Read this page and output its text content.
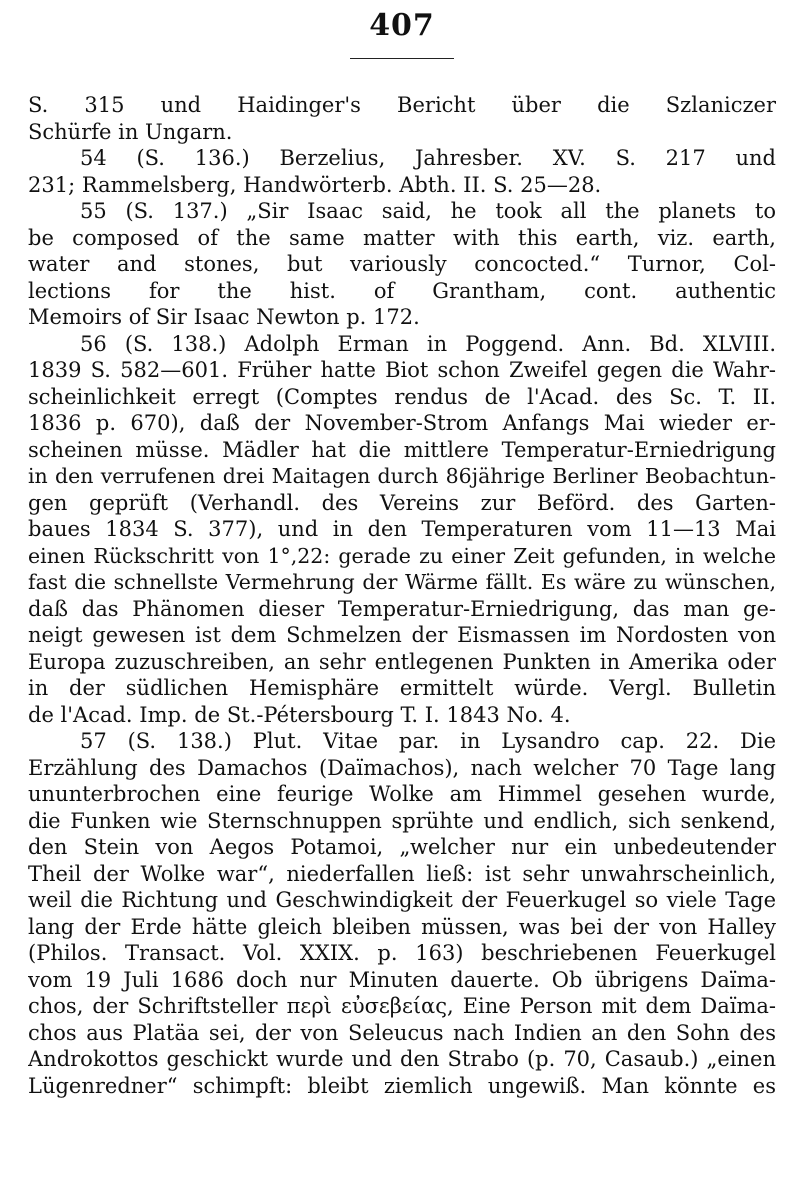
407
S. 315 und Haidinger's Bericht über die Szlaniczer
Schürfe in Ungarn.
54 (S. 136.) Berzelius, Jahresber. XV. S. 217 und
231; Rammelsberg, Handwörterb. Abth. II. S. 25—28.
55 (S. 137.) „Sir Isaac said, he took all the planets to
be composed of the same matter with this earth, viz. earth,
water and stones, but variously concocted.“ Turnor, Col-
lections for the hist. of Grantham, cont. authentic
Memoirs of Sir Isaac Newton p. 172.
56 (S. 138.) Adolph Erman in Poggend. Ann. Bd. XLVIII.
1839 S. 582—601. Früher hatte Biot schon Zweifel gegen die Wahr-
scheinlichkeit erregt (Comptes rendus de l'Acad. des Sc. T. II.
1836 p. 670), daß der November-Strom Anfangs Mai wieder er-
scheinen müsse. Mädler hat die mittlere Temperatur-Erniedrigung
in den verrufenen drei Maitagen durch 86jährige Berliner Beobachtun-
gen geprüft (Verhandl. des Vereins zur Beförd. des Garten-
baues 1834 S. 377), und in den Temperaturen vom 11—13 Mai
einen Rückschritt von 1°,22: gerade zu einer Zeit gefunden, in welche
fast die schnellste Vermehrung der Wärme fällt. Es wäre zu wünschen,
daß das Phänomen dieser Temperatur-Erniedrigung, das man ge-
neigt gewesen ist dem Schmelzen der Eismassen im Nordosten von
Europa zuzuschreiben, an sehr entlegenen Punkten in Amerika oder
in der südlichen Hemisphäre ermittelt würde. Vergl. Bulletin
de l'Acad. Imp. de St.-Pétersbourg T. I. 1843 No. 4.
57 (S. 138.) Plut. Vitae par. in Lysandro cap. 22. Die
Erzählung des Damachos (Daïmachos), nach welcher 70 Tage lang
ununterbrochen eine feurige Wolke am Himmel gesehen wurde,
die Funken wie Sternschnuppen sprühte und endlich, sich senkend,
den Stein von Aegos Potamoi, „welcher nur ein unbedeutender
Theil der Wolke war“, niederfallen ließ: ist sehr unwahrscheinlich,
weil die Richtung und Geschwindigkeit der Feuerkugel so viele Tage
lang der Erde hätte gleich bleiben müssen, was bei der von Halley
(Philos. Transact. Vol. XXIX. p. 163) beschriebenen Feuerkugel
vom 19 Juli 1686 doch nur Minuten dauerte. Ob übrigens Daïma-
chos, der Schriftsteller περὶ εὐσεβείας, Eine Person mit dem Daïma-
chos aus Platäa sei, der von Seleucus nach Indien an den Sohn des
Androkottos geschickt wurde und den Strabo (p. 70, Casaub.) „einen
Lügenredner“ schimpft: bleibt ziemlich ungewiß. Man könnte es
